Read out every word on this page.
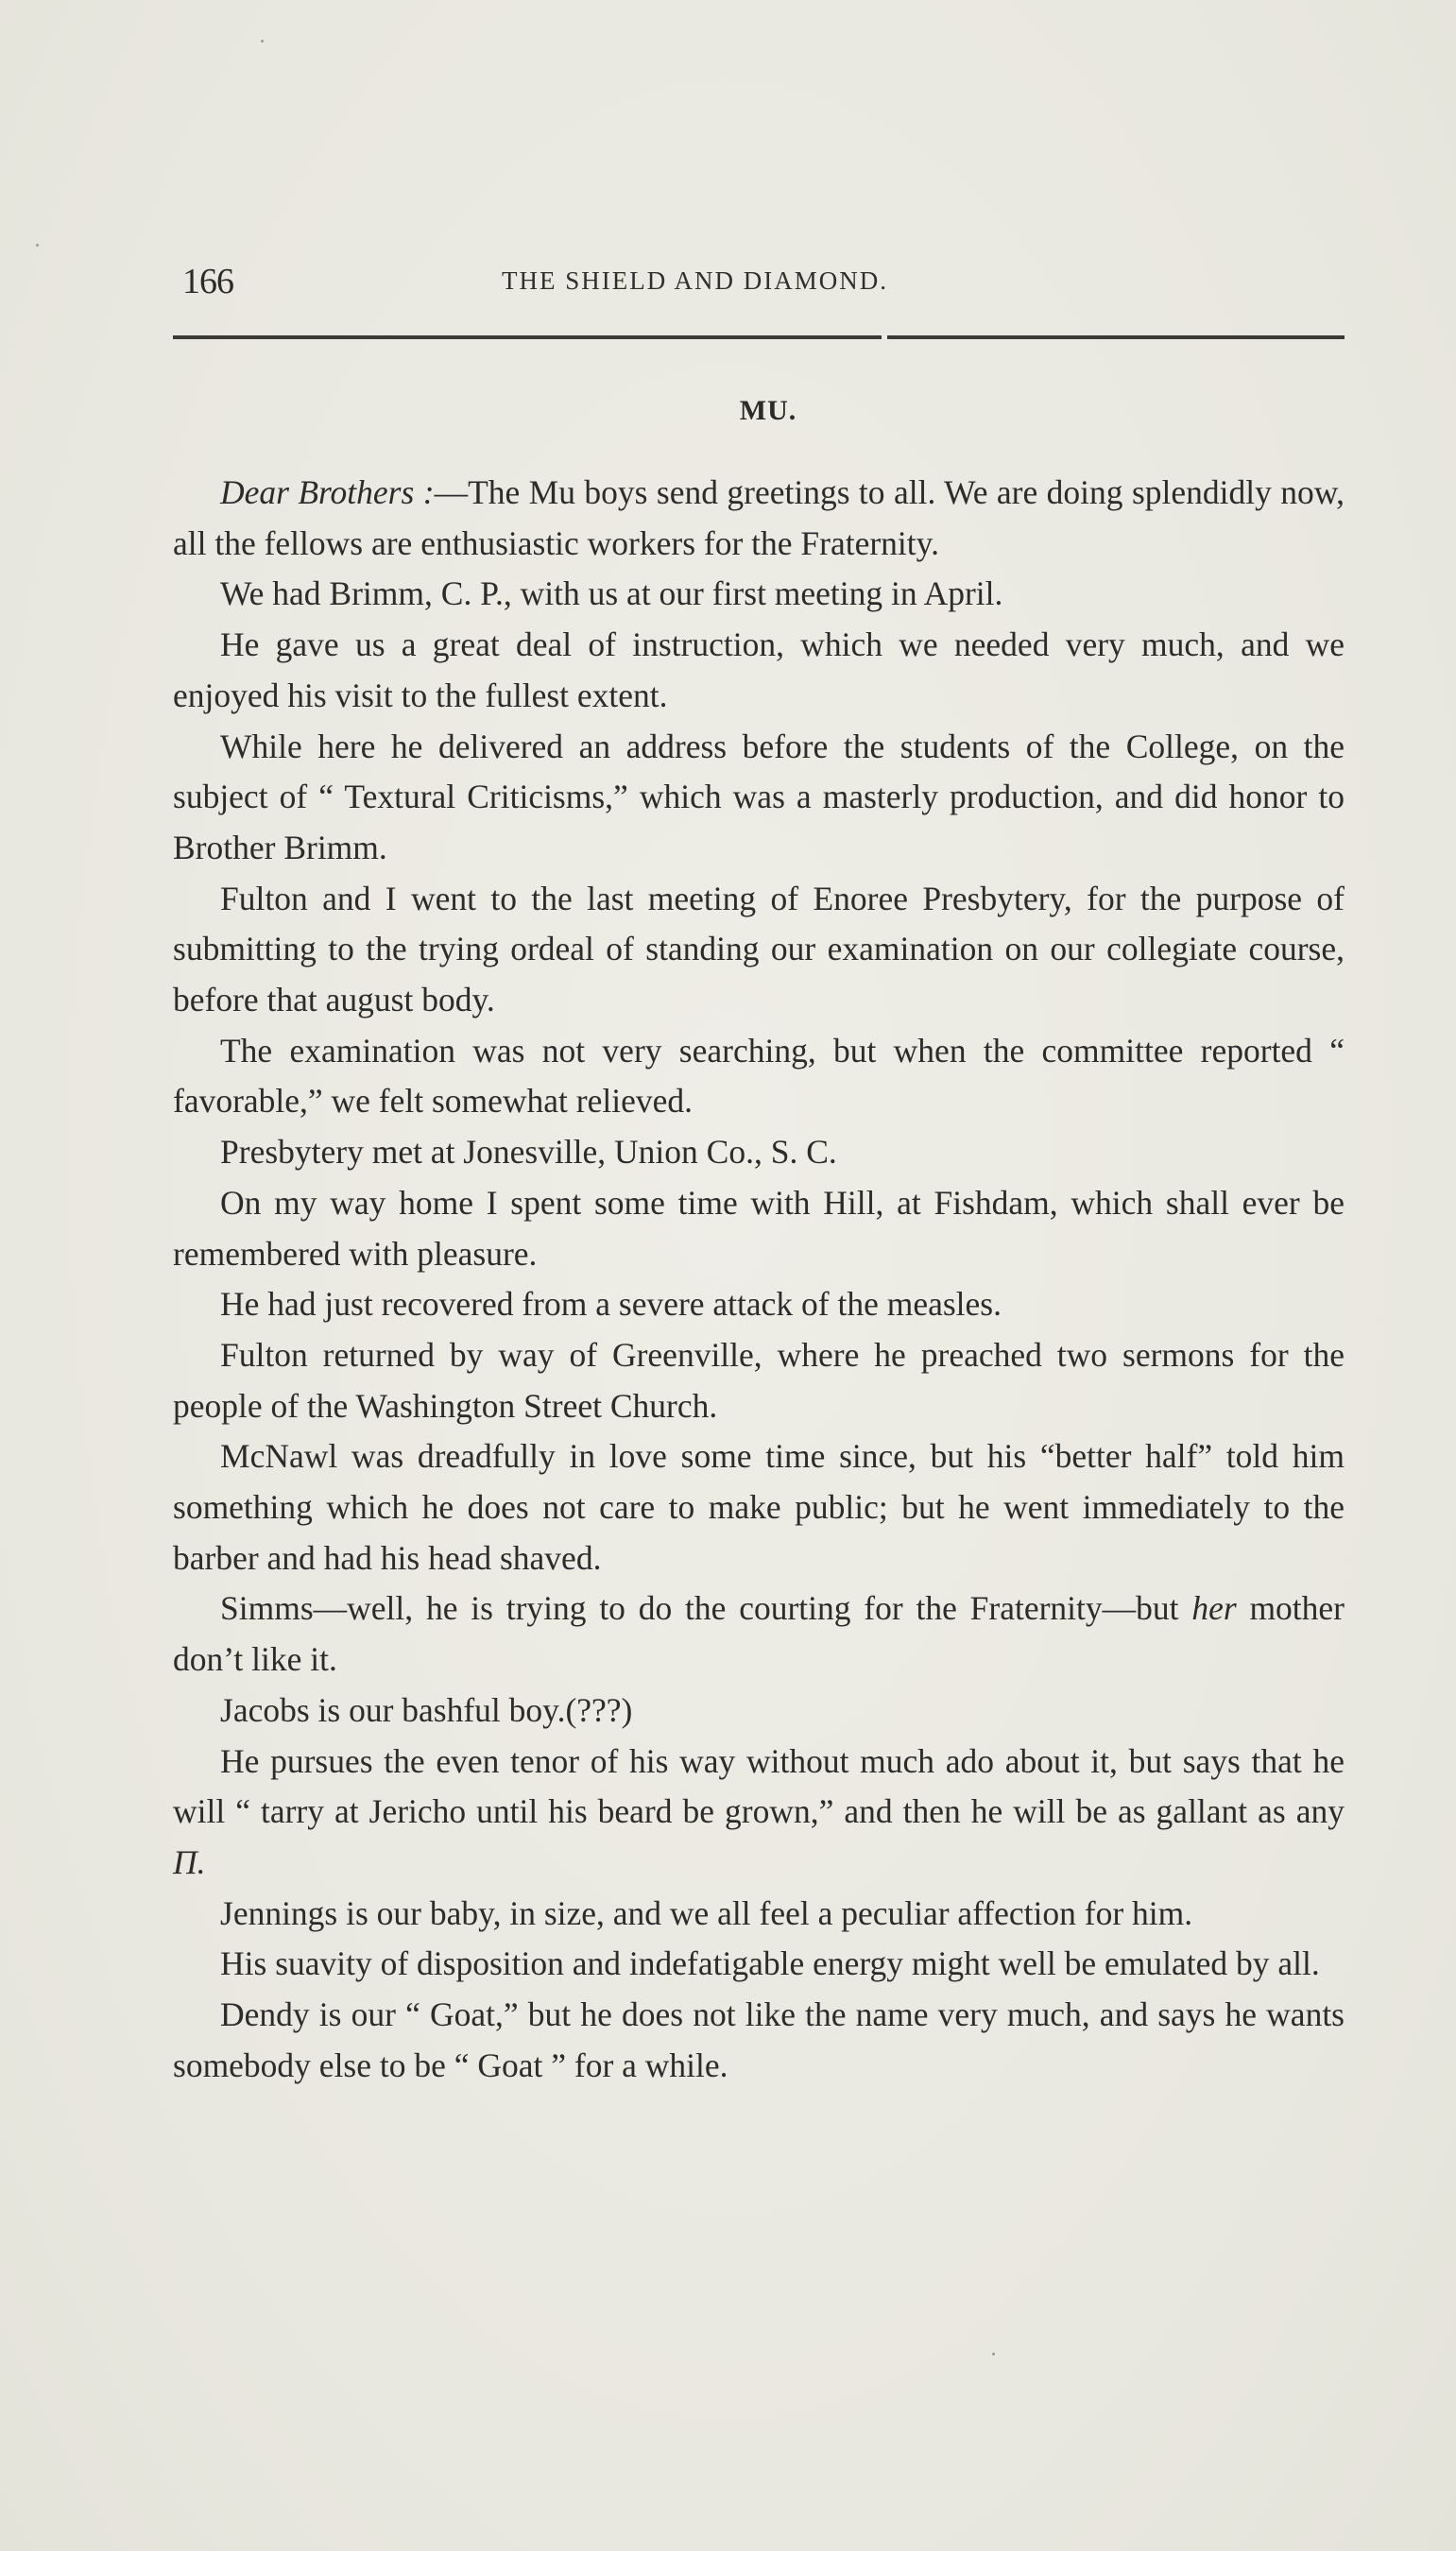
166	THE SHIELD AND DIAMOND.
MU.

Dear Brothers :—The Mu boys send greetings to all. We are doing splendidly now, all the fellows are enthusiastic workers for the Fraternity.

We had Brimm, C. P., with us at our first meeting in April.

He gave us a great deal of instruction, which we needed very much, and we enjoyed his visit to the fullest extent.

While here he delivered an address before the students of the College, on the subject of “ Textural Criticisms,” which was a masterly production, and did honor to Brother Brimm.

Fulton and I went to the last meeting of Enoree Presbytery, for the purpose of submitting to the trying ordeal of standing our examination on our collegiate course, before that august body.

The examination was not very searching, but when the committee reported “ favorable,” we felt somewhat relieved.

Presbytery met at Jonesville, Union Co., S. C.

On my way home I spent some time with Hill, at Fishdam, which shall ever be remembered with pleasure.

He had just recovered from a severe attack of the measles.

Fulton returned by way of Greenville, where he preached two sermons for the people of the Washington Street Church.

McNawl was dreadfully in love some time since, but his “better half” told him something which he does not care to make public; but he went immediately to the barber and had his head shaved.

Simms—well, he is trying to do the courting for the Fraternity—but her mother don’t like it.

Jacobs is our bashful boy.(???)

He pursues the even tenor of his way without much ado about it, but says that he will “ tarry at Jericho until his beard be grown,” and then he will be as gallant as any Π.

Jennings is our baby, in size, and we all feel a peculiar affection for him.

His suavity of disposition and indefatigable energy might well be emulated by all.

Dendy is our “ Goat,” but he does not like the name very much, and says he wants somebody else to be “ Goat ” for a while.
